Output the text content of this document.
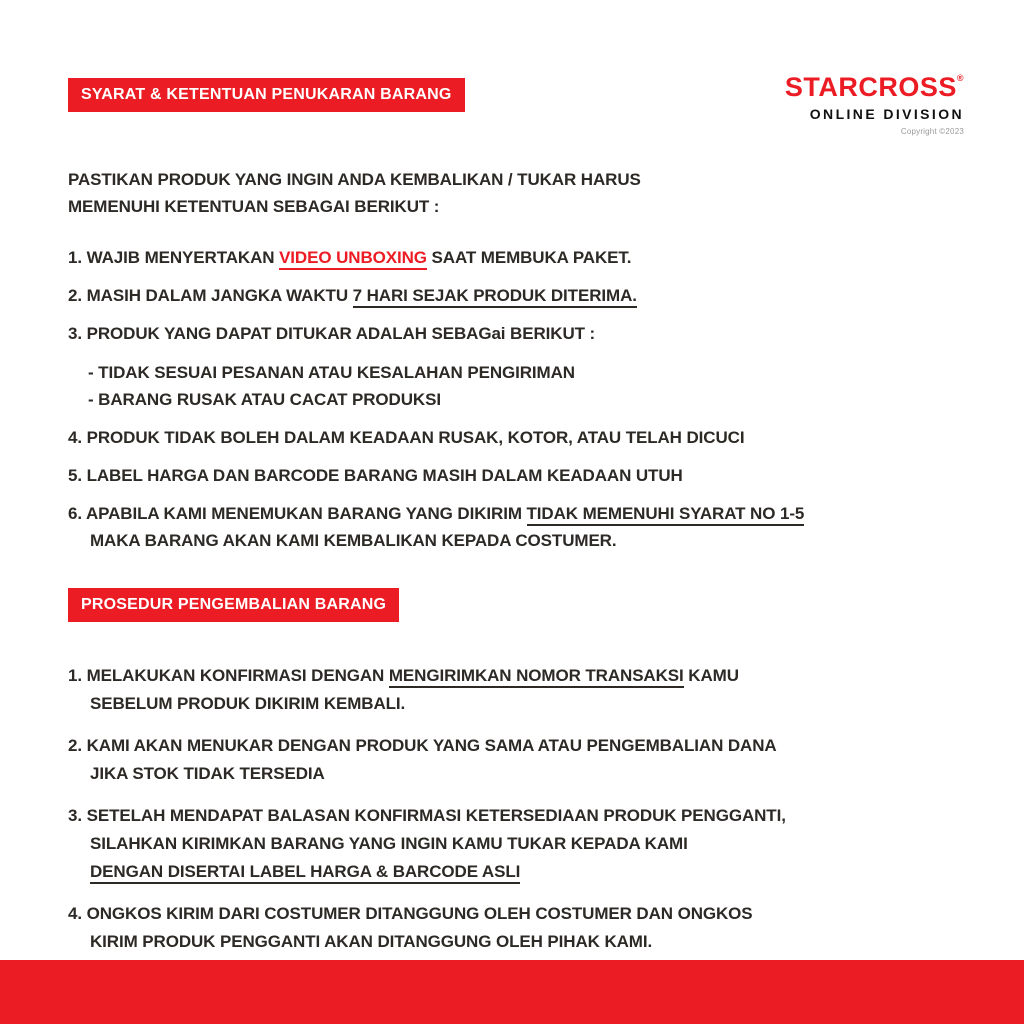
SYARAT & KETENTUAN PENUKARAN BARANG	STARCROSS®
ONLINE DIVISION
Copyright ©2023
PASTIKAN PRODUK YANG INGIN ANDA KEMBALIKAN / TUKAR HARUS
MEMENUHI KETENTUAN SEBAGAI BERIKUT :
1. WAJIB MENYERTAKAN VIDEO UNBOXING SAAT MEMBUKA PAKET.
2. MASIH DALAM JANGKA WAKTU 7 HARI SEJAK PRODUK DITERIMA.
3. PRODUK YANG DAPAT DITUKAR ADALAH SEBAGai BERIKUT :
- TIDAK SESUAI PESANAN ATAU KESALAHAN PENGIRIMAN
- BARANG RUSAK ATAU CACAT PRODUKSI
4. PRODUK TIDAK BOLEH DALAM KEADAAN RUSAK, KOTOR, ATAU TELAH DICUCI
5. LABEL HARGA DAN BARCODE BARANG MASIH DALAM KEADAAN UTUH
6. APABILA KAMI MENEMUKAN BARANG YANG DIKIRIM TIDAK MEMENUHI SYARAT NO 1-5
MAKA BARANG AKAN KAMI KEMBALIKAN KEPADA COSTUMER.
PROSEDUR PENGEMBALIAN BARANG
1. MELAKUKAN KONFIRMASI DENGAN MENGIRIMKAN NOMOR TRANSAKSI KAMU
SEBELUM PRODUK DIKIRIM KEMBALI.
2. KAMI AKAN MENUKAR DENGAN PRODUK YANG SAMA ATAU PENGEMBALIAN DANA
JIKA STOK TIDAK TERSEDIA
3. SETELAH MENDAPAT BALASAN KONFIRMASI KETERSEDIAAN PRODUK PENGGANTI,
SILAHKAN KIRIMKAN BARANG YANG INGIN KAMU TUKAR KEPADA KAMI
DENGAN DISERTAI LABEL HARGA & BARCODE ASLI
4. ONGKOS KIRIM DARI COSTUMER DITANGGUNG OLEH COSTUMER DAN ONGKOS
KIRIM PRODUK PENGGANTI AKAN DITANGGUNG OLEH PIHAK KAMI.
